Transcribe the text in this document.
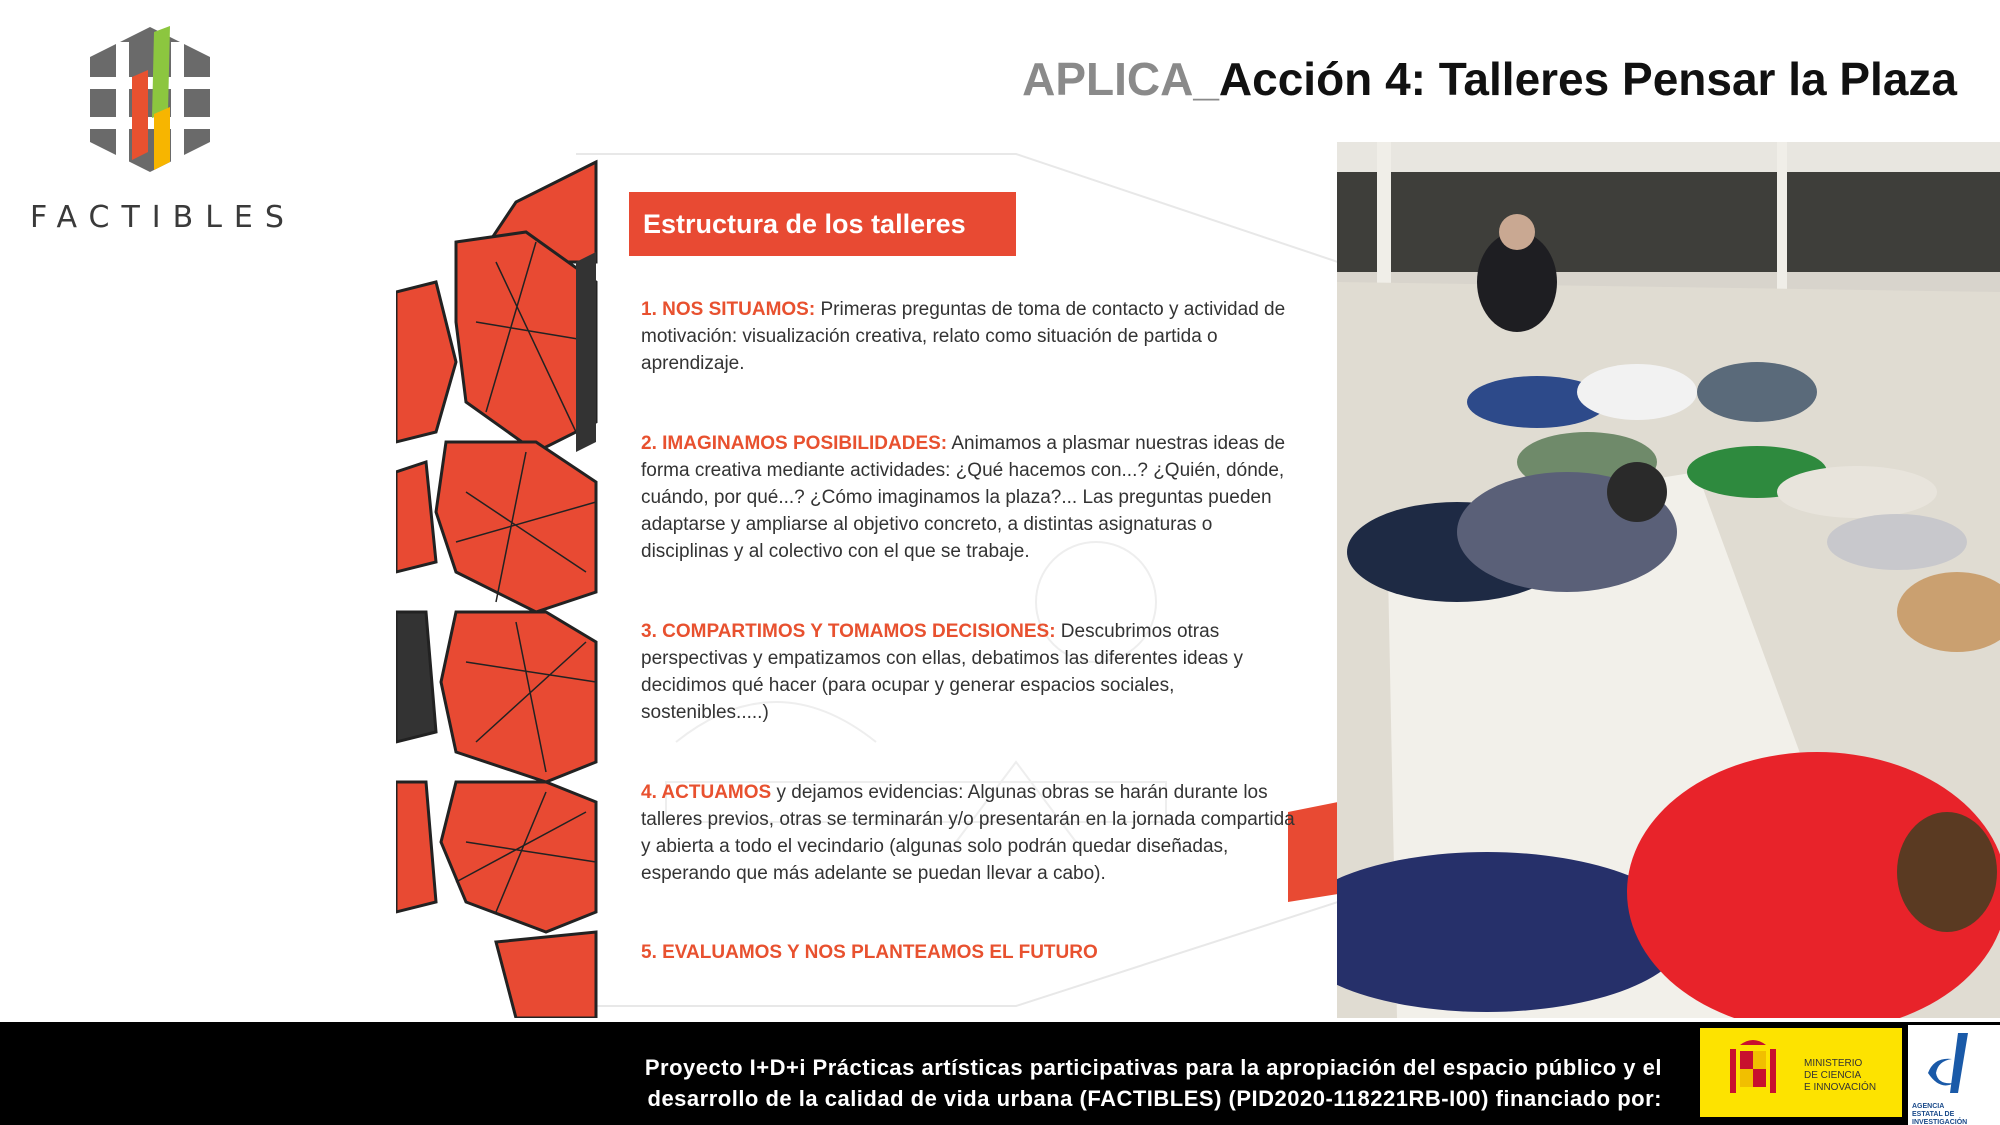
FACTIBLES
APLICA_Acción 4: Talleres Pensar la Plaza
Estructura de los talleres
1. NOS SITUAMOS: Primeras preguntas de toma de contacto y actividad de motivación: visualización creativa, relato como situación de partida o aprendizaje.
2. IMAGINAMOS POSIBILIDADES: Animamos a plasmar nuestras ideas de forma creativa mediante actividades: ¿Qué hacemos con...? ¿Quién, dónde, cuándo, por qué...? ¿Cómo imaginamos la plaza?... Las preguntas pueden adaptarse y ampliarse al objetivo concreto, a distintas asignaturas o disciplinas y al colectivo con el que se trabaje.
3. COMPARTIMOS Y TOMAMOS DECISIONES: Descubrimos otras perspectivas y empatizamos con ellas, debatimos las diferentes ideas y decidimos qué hacer (para ocupar y generar espacios sociales, sostenibles.....)
4. ACTUAMOS y dejamos evidencias: Algunas obras se harán durante los talleres previos, otras se terminarán y/o presentarán en la jornada compartida y abierta a todo el vecindario (algunas solo podrán quedar diseñadas, esperando que más adelante se puedan llevar a cabo).
5. EVALUAMOS Y NOS PLANTEAMOS EL FUTURO
Proyecto I+D+i Prácticas artísticas participativas para la apropiación del espacio público y el
desarrollo de la calidad de vida urbana (FACTIBLES) (PID2020-118221RB-I00) financiado por:
MINISTERIO
DE CIENCIA
E INNOVACIÓN
AGENCIA
ESTATAL DE
INVESTIGACIÓN
